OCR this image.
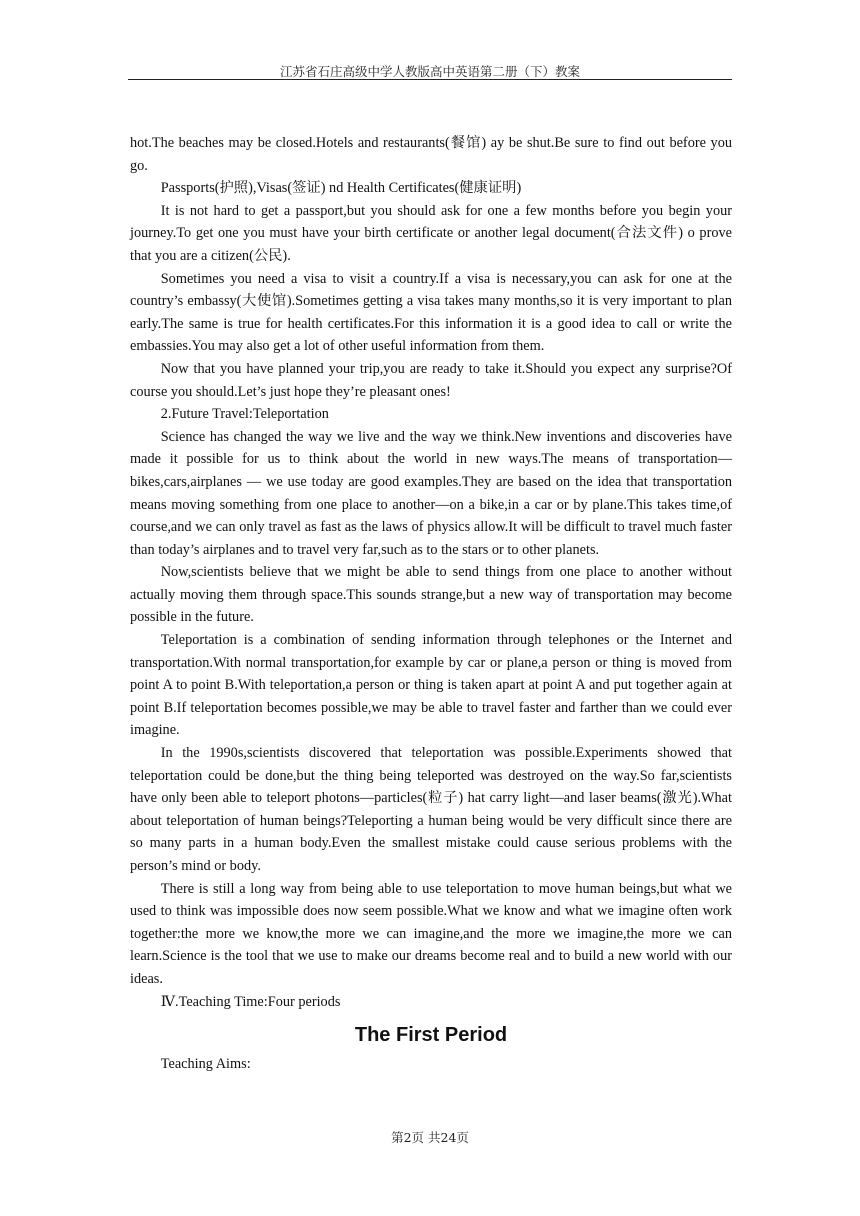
江苏省石庄高级中学人教版高中英语第二册（下）教案

hot.The beaches may be closed.Hotels and restaurants(餐馆) ay be shut.Be sure to find out before you go.

Passports(护照),Visas(签证) nd Health Certificates(健康证明)

It is not hard to get a passport,but you should ask for one a few months before you begin your journey.To get one you must have your birth certificate or another legal document(合法文件) o prove that you are a citizen(公民).

Sometimes you need a visa to visit a country.If a visa is necessary,you can ask for one at the country’s embassy(大使馆).Sometimes getting a visa takes many months,so it is very important to plan early.The same is true for health certificates.For this information it is a good idea to call or write the embassies.You may also get a lot of other useful information from them.

Now that you have planned your trip,you are ready to take it.Should you expect any surprise?Of course you should.Let’s just hope they’re pleasant ones!

2.Future Travel:Teleportation

Science has changed the way we live and the way we think.New inventions and discoveries have made it possible for us to think about the world in new ways.The means of transportation—bikes,cars,airplanes — we use today are good examples.They are based on the idea that transportation means moving something from one place to another—on a bike,in a car or by plane.This takes time,of course,and we can only travel as fast as the laws of physics allow.It will be difficult to travel much faster than today’s airplanes and to travel very far,such as to the stars or to other planets.

Now,scientists believe that we might be able to send things from one place to another without actually moving them through space.This sounds strange,but a new way of transportation may become possible in the future.

Teleportation is a combination of sending information through telephones or the Internet and transportation.With normal transportation,for example by car or plane,a person or thing is moved from point A to point B.With teleportation,a person or thing is taken apart at point A and put together again at point B.If teleportation becomes possible,we may be able to travel faster and farther than we could ever imagine.

In the 1990s,scientists discovered that teleportation was possible.Experiments showed that teleportation could be done,but the thing being teleported was destroyed on the way.So far,scientists have only been able to teleport photons—particles(粒子) hat carry light—and laser beams(激光).What about teleportation of human beings?Teleporting a human being would be very difficult since there are so many parts in a human body.Even the smallest mistake could cause serious problems with the person’s mind or body.

There is still a long way from being able to use teleportation to move human beings,but what we used to think was impossible does now seem possible.What we know and what we imagine often work together:the more we know,the more we can imagine,and the more we imagine,the more we can learn.Science is the tool that we use to make our dreams become real and to build a new world with our ideas.

Ⅳ.Teaching Time:Four periods

The First Period

Teaching Aims:

第2页 共24页
